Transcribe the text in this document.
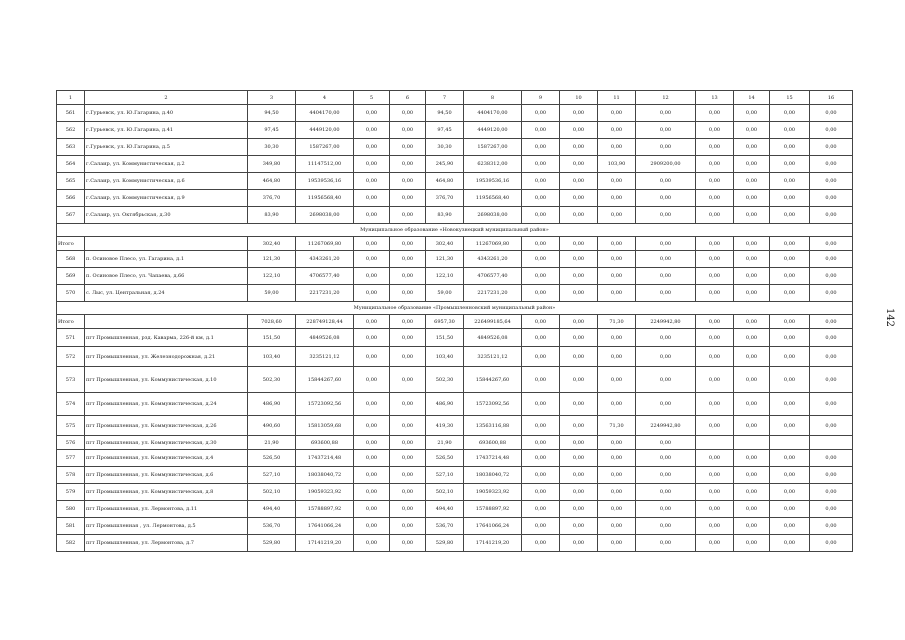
1	2	3	4	5	6	7	8	9	10	11	12	13	14	15	16
561	г.Гурьевск, ул. Ю.Гагарина, д.40	94,50	4404170,00	0,00	0,00	94,50	4404170,00	0,00	0,00	0,00	0,00	0,00	0,00	0,00	0,00
562	г.Гурьевск, ул. Ю.Гагарина, д.41	97,45	4449120,00	0,00	0,00	97,45	4449120,00	0,00	0,00	0,00	0,00	0,00	0,00	0,00	0,00
563	г.Гурьевск, ул. Ю.Гагарина, д.5	30,30	1587267,00	0,00	0,00	30,30	1587267,00	0,00	0,00	0,00	0,00	0,00	0,00	0,00	0,00
564	г.Салаир, ул. Коммунистическая, д.2	349,80	11147512,00	0,00	0,00	245,90	6238312,00	0,00	0,00	103,90	2909200,00	0,00	0,00	0,00	0,00
565	г.Салаир, ул. Коммунистическая, д.6	464,80	19539536,16	0,00	0,00	464,80	19539536,16	0,00	0,00	0,00	0,00	0,00	0,00	0,00	0,00
566	г.Салаир, ул. Коммунистическая, д.9	376,70	11956568,40	0,00	0,00	376,70	11956568,40	0,00	0,00	0,00	0,00	0,00	0,00	0,00	0,00
567	г.Салаир, ул. Октябрьская, д.30	83,90	2698038,00	0,00	0,00	83,90	2698038,00	0,00	0,00	0,00	0,00	0,00	0,00	0,00	0,00
Муниципальное образование «Новокузнецкий муниципальный район»															
Итого		302,40	11267069,80	0,00	0,00	302,40	11267069,80	0,00	0,00	0,00	0,00	0,00	0,00	0,00	0,00
568	п. Осиновое Плесо, ул. Гагарина, д.1	121,30	4343261,20	0,00	0,00	121,30	4343261,20	0,00	0,00	0,00	0,00	0,00	0,00	0,00	0,00
569	п. Осиновое Плесо, ул. Чапаева, д.66	122,10	4706577,40	0,00	0,00	122,10	4706577,40	0,00	0,00	0,00	0,00	0,00	0,00	0,00	0,00
570	с. Лыс, ул. Центральная, д.24	59,00	2217231,20	0,00	0,00	59,00	2217231,20	0,00	0,00	0,00	0,00	0,00	0,00	0,00	0,00
Муниципальное образование «Промышленновский муниципальный район»															
Итого		7028,60	228749128,44	0,00	0,00	6957,30	226499185,64	0,00	0,00	71,30	2249942,80	0,00	0,00	0,00	0,00
571	пгт Промышленная, рзд. Каварма, 226-й км, д.1	151,50	4849526,08	0,00	0,00	151,50	4849526,08	0,00	0,00	0,00	0,00	0,00	0,00	0,00	0,00
572	пгт Промышленная, ул. Железнодорожная, д.21	103,40	3235121,12	0,00	0,00	103,40	3235121,12	0,00	0,00	0,00	0,00	0,00	0,00	0,00	0,00
573	пгт Промышленная, ул. Коммунистическая, д.10	502,30	15844267,60	0,00	0,00	502,30	15844267,60	0,00	0,00	0,00	0,00	0,00	0,00	0,00	0,00
574	пгт Промышленная, ул. Коммунистическая, д.24	486,90	15723092,56	0,00	0,00	486,90	15723092,56	0,00	0,00	0,00	0,00	0,00	0,00	0,00	0,00
575	пгт Промышленная, ул. Коммунистическая, д.26	490,60	15813059,68	0,00	0,00	419,30	13563116,88	0,00	0,00	71,30	2249942,80	0,00	0,00	0,00	0,00
576	пгт Промышленная, ул. Коммунистическая, д.30	21,90	693600,88	0,00	0,00	21,90	693600,88	0,00	0,00	0,00	0,00				
577	пгт Промышленная, ул. Коммунистическая, д.4	526,50	17437214,48	0,00	0,00	526,50	17437214,48	0,00	0,00	0,00	0,00	0,00	0,00	0,00	0,00
578	пгт Промышленная, ул. Коммунистическая, д.6	527,10	18038040,72	0,00	0,00	527,10	18038040,72	0,00	0,00	0,00	0,00	0,00	0,00	0,00	0,00
579	пгт Промышленная, ул. Коммунистическая, д.8	502,10	19059323,92	0,00	0,00	502,10	19059323,92	0,00	0,00	0,00	0,00	0,00	0,00	0,00	0,00
580	пгт Промышленная, ул. Лермонтова, д.11	494,40	15788897,92	0,00	0,00	494,40	15788897,92	0,00	0,00	0,00	0,00	0,00	0,00	0,00	0,00
581	пгт Промышленная , ул. Лермонтова, д.5	536,70	17641066,24	0,00	0,00	536,70	17641066,24	0,00	0,00	0,00	0,00	0,00	0,00	0,00	0,00
582	пгт Промышленная, ул. Лермонтова, д.7	529,80	17141219,20	0,00	0,00	529,80	17141219,20	0,00	0,00	0,00	0,00	0,00	0,00	0,00	0,00
142
